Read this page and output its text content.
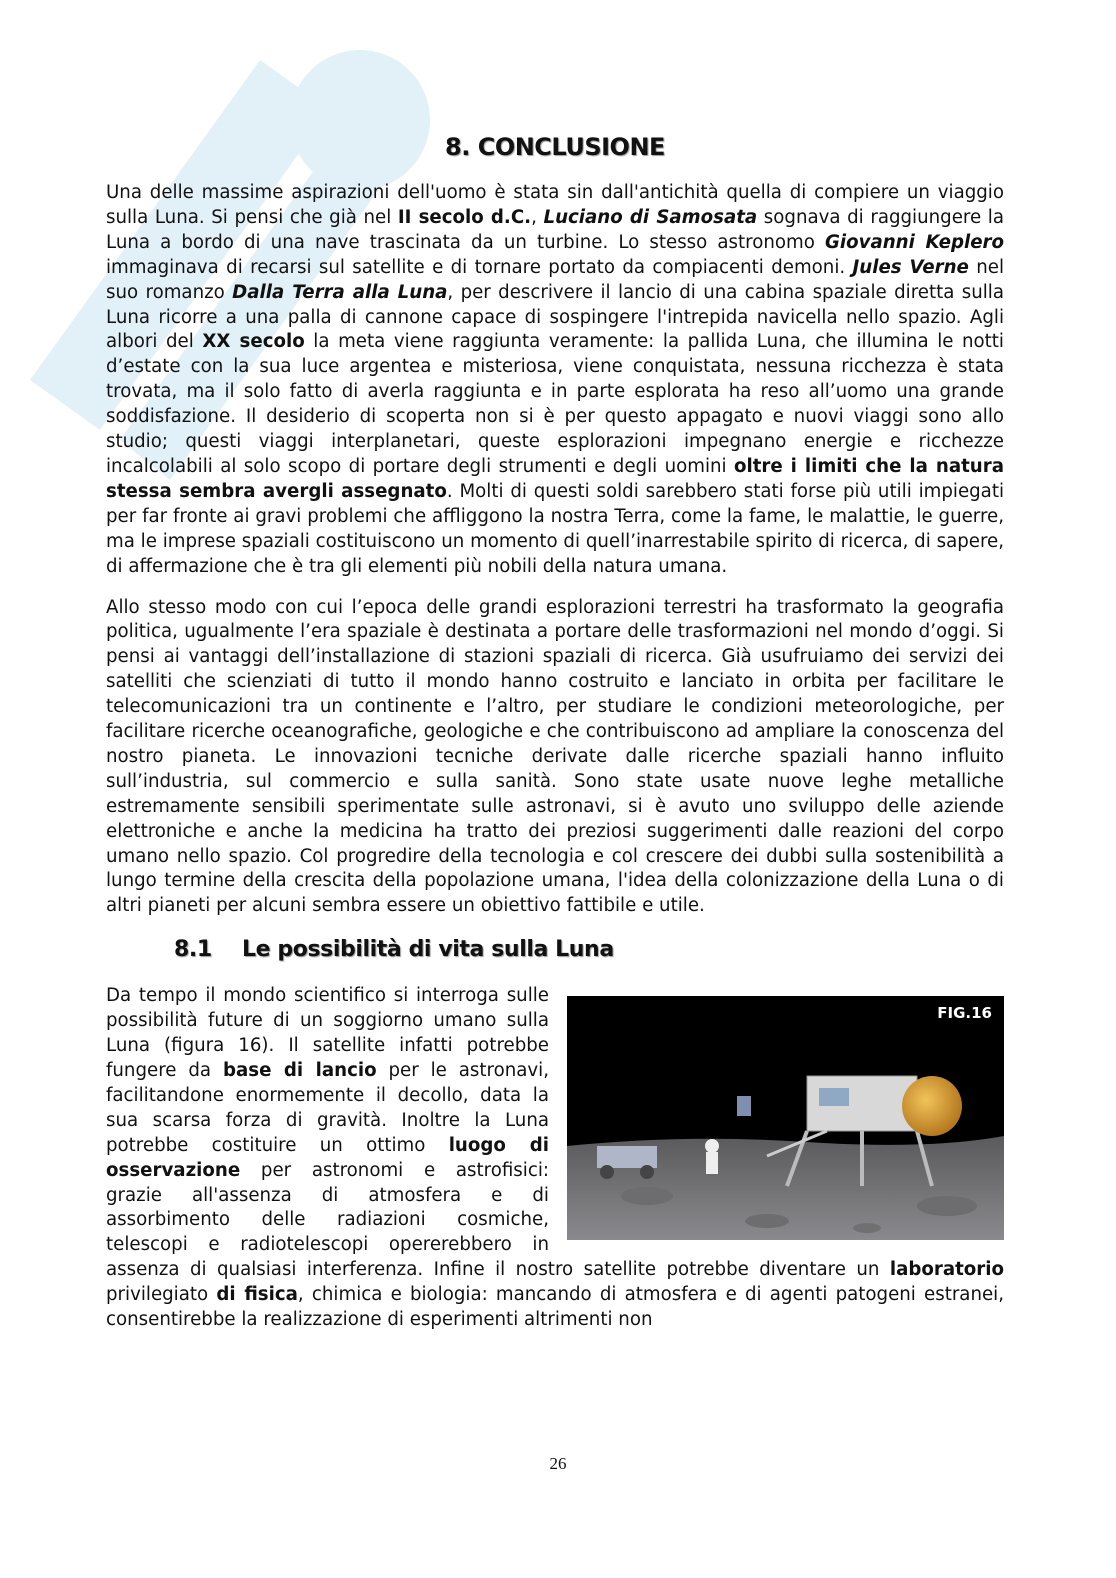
8. CONCLUSIONE

Una delle massime aspirazioni dell'uomo è stata sin dall'antichità quella di compiere un viaggio sulla Luna. Si pensi che già nel II secolo d.C., Luciano di Samosata sognava di raggiungere la Luna a bordo di una nave trascinata da un turbine. Lo stesso astronomo Giovanni Keplero immaginava di recarsi sul satellite e di tornare portato da compiacenti demoni. Jules Verne nel suo romanzo Dalla Terra alla Luna, per descrivere il lancio di una cabina spaziale diretta sulla Luna ricorre a una palla di cannone capace di sospingere l'intrepida navicella nello spazio. Agli albori del XX secolo la meta viene raggiunta veramente: la pallida Luna, che illumina le notti d’estate con la sua luce argentea e misteriosa, viene conquistata, nessuna ricchezza è stata trovata, ma il solo fatto di averla raggiunta e in parte esplorata ha reso all’uomo una grande soddisfazione. Il desiderio di scoperta non si è per questo appagato e nuovi viaggi sono allo studio; questi viaggi interplanetari, queste esplorazioni impegnano energie e ricchezze incalcolabili al solo scopo di portare degli strumenti e degli uomini oltre i limiti che la natura stessa sembra avergli assegnato. Molti di questi soldi sarebbero stati forse più utili impiegati per far fronte ai gravi problemi che affliggono la nostra Terra, come la fame, le malattie, le guerre, ma le imprese spaziali costituiscono un momento di quell’inarrestabile spirito di ricerca, di sapere, di affermazione che è tra gli elementi più nobili della natura umana.

Allo stesso modo con cui l’epoca delle grandi esplorazioni terrestri ha trasformato la geografia politica, ugualmente l’era spaziale è destinata a portare delle trasformazioni nel mondo d’oggi. Si pensi ai vantaggi dell’installazione di stazioni spaziali di ricerca. Già usufruiamo dei servizi dei satelliti che scienziati di tutto il mondo hanno costruito e lanciato in orbita per facilitare le telecomunicazioni tra un continente e l’altro, per studiare le condizioni meteorologiche, per facilitare ricerche oceanografiche, geologiche e che contribuiscono ad ampliare la conoscenza del nostro pianeta. Le innovazioni tecniche derivate dalle ricerche spaziali hanno influito sull’industria, sul commercio e sulla sanità. Sono state usate nuove leghe metalliche estremamente sensibili sperimentate sulle astronavi, si è avuto uno sviluppo delle aziende elettroniche e anche la medicina ha tratto dei preziosi suggerimenti dalle reazioni del corpo umano nello spazio. Col progredire della tecnologia e col crescere dei dubbi sulla sostenibilità a lungo termine della crescita della popolazione umana, l'idea della colonizzazione della Luna o di altri pianeti per alcuni sembra essere un obiettivo fattibile e utile.

8.1 Le possibilità di vita sulla Luna
FIG.16

Da tempo il mondo scientifico si interroga sulle possibilità future di un soggiorno umano sulla Luna (figura 16). Il satellite infatti potrebbe fungere da base di lancio per le astronavi, facilitandone enormemente il decollo, data la sua scarsa forza di gravità. Inoltre la Luna potrebbe costituire un ottimo luogo di osservazione per astronomi e astrofisici: grazie all'assenza di atmosfera e di assorbimento delle radiazioni cosmiche, telescopi e radiotelescopi opererebbero in assenza di qualsiasi interferenza. Infine il nostro satellite potrebbe diventare un laboratorio privilegiato di fisica, chimica e biologia: mancando di atmosfera e di agenti patogeni estranei, consentirebbe la realizzazione di esperimenti altrimenti non

26
